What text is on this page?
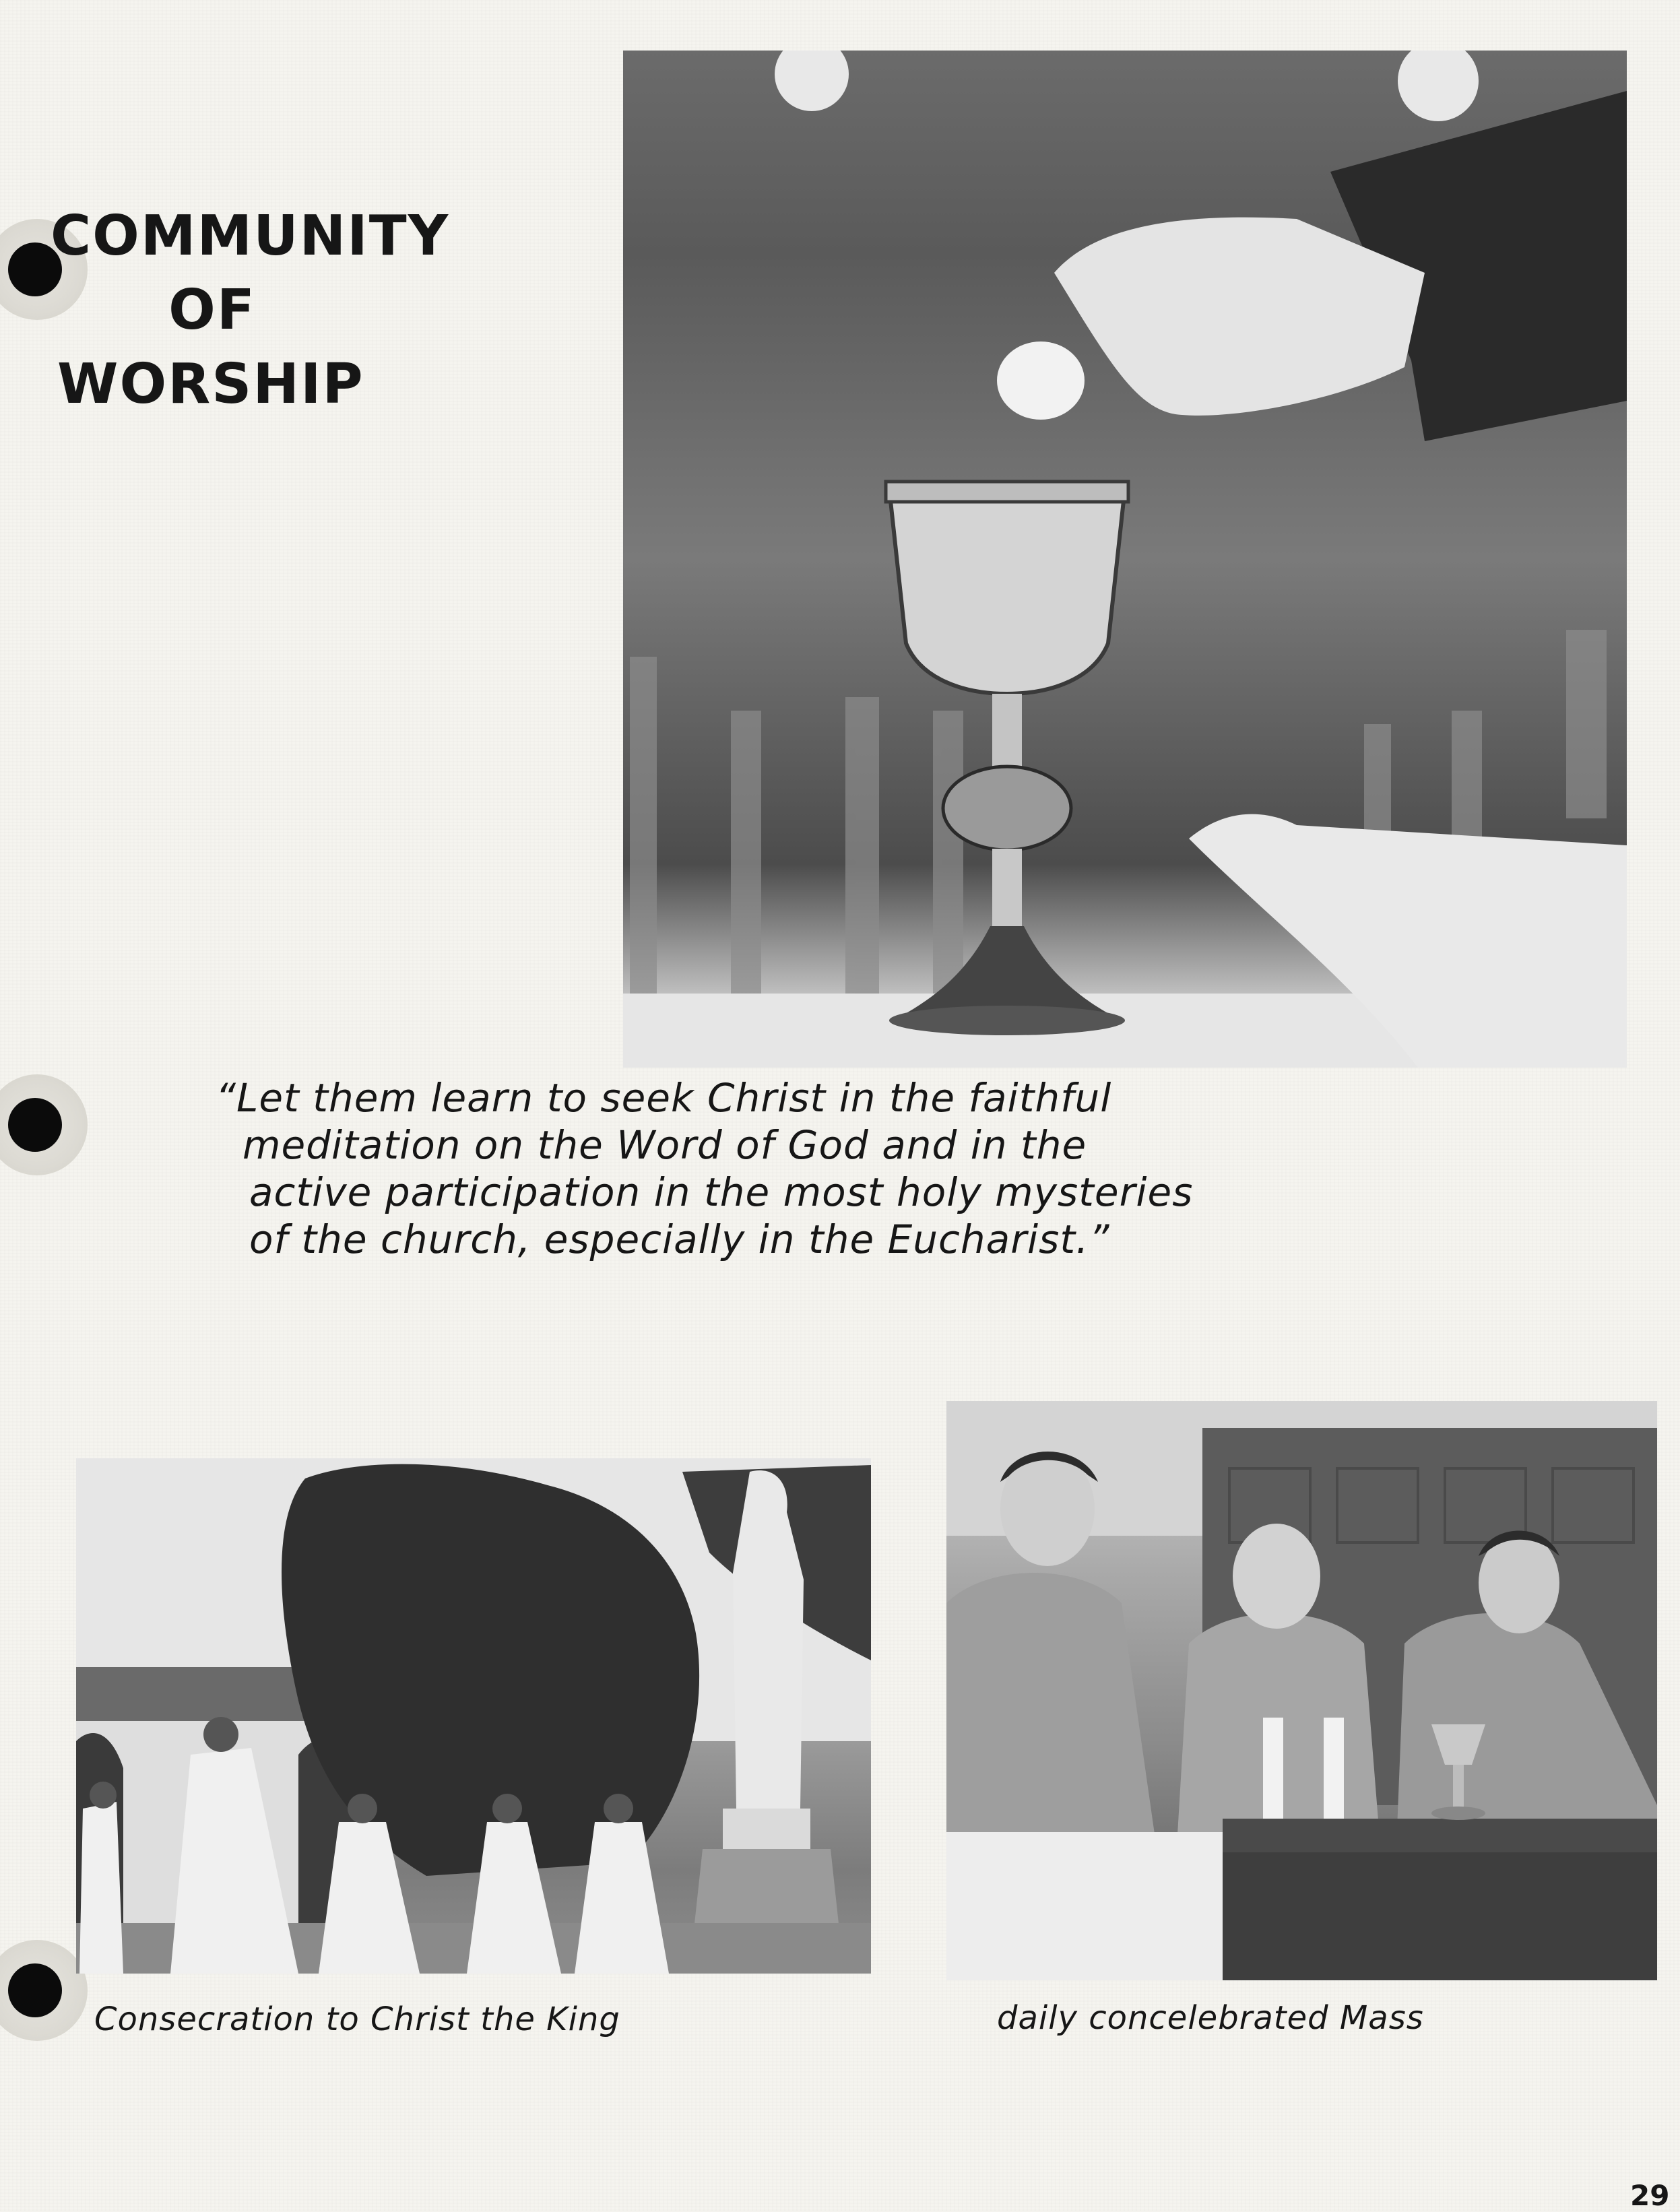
COMMUNITY
OF
WORSHIP
“Let them learn to seek Christ in the faithful
meditation on the Word of God and in the
active participation in the most holy mysteries
of the church, especially in the Eucharist.”
Consecration to Christ the King	daily concelebrated Mass
29
